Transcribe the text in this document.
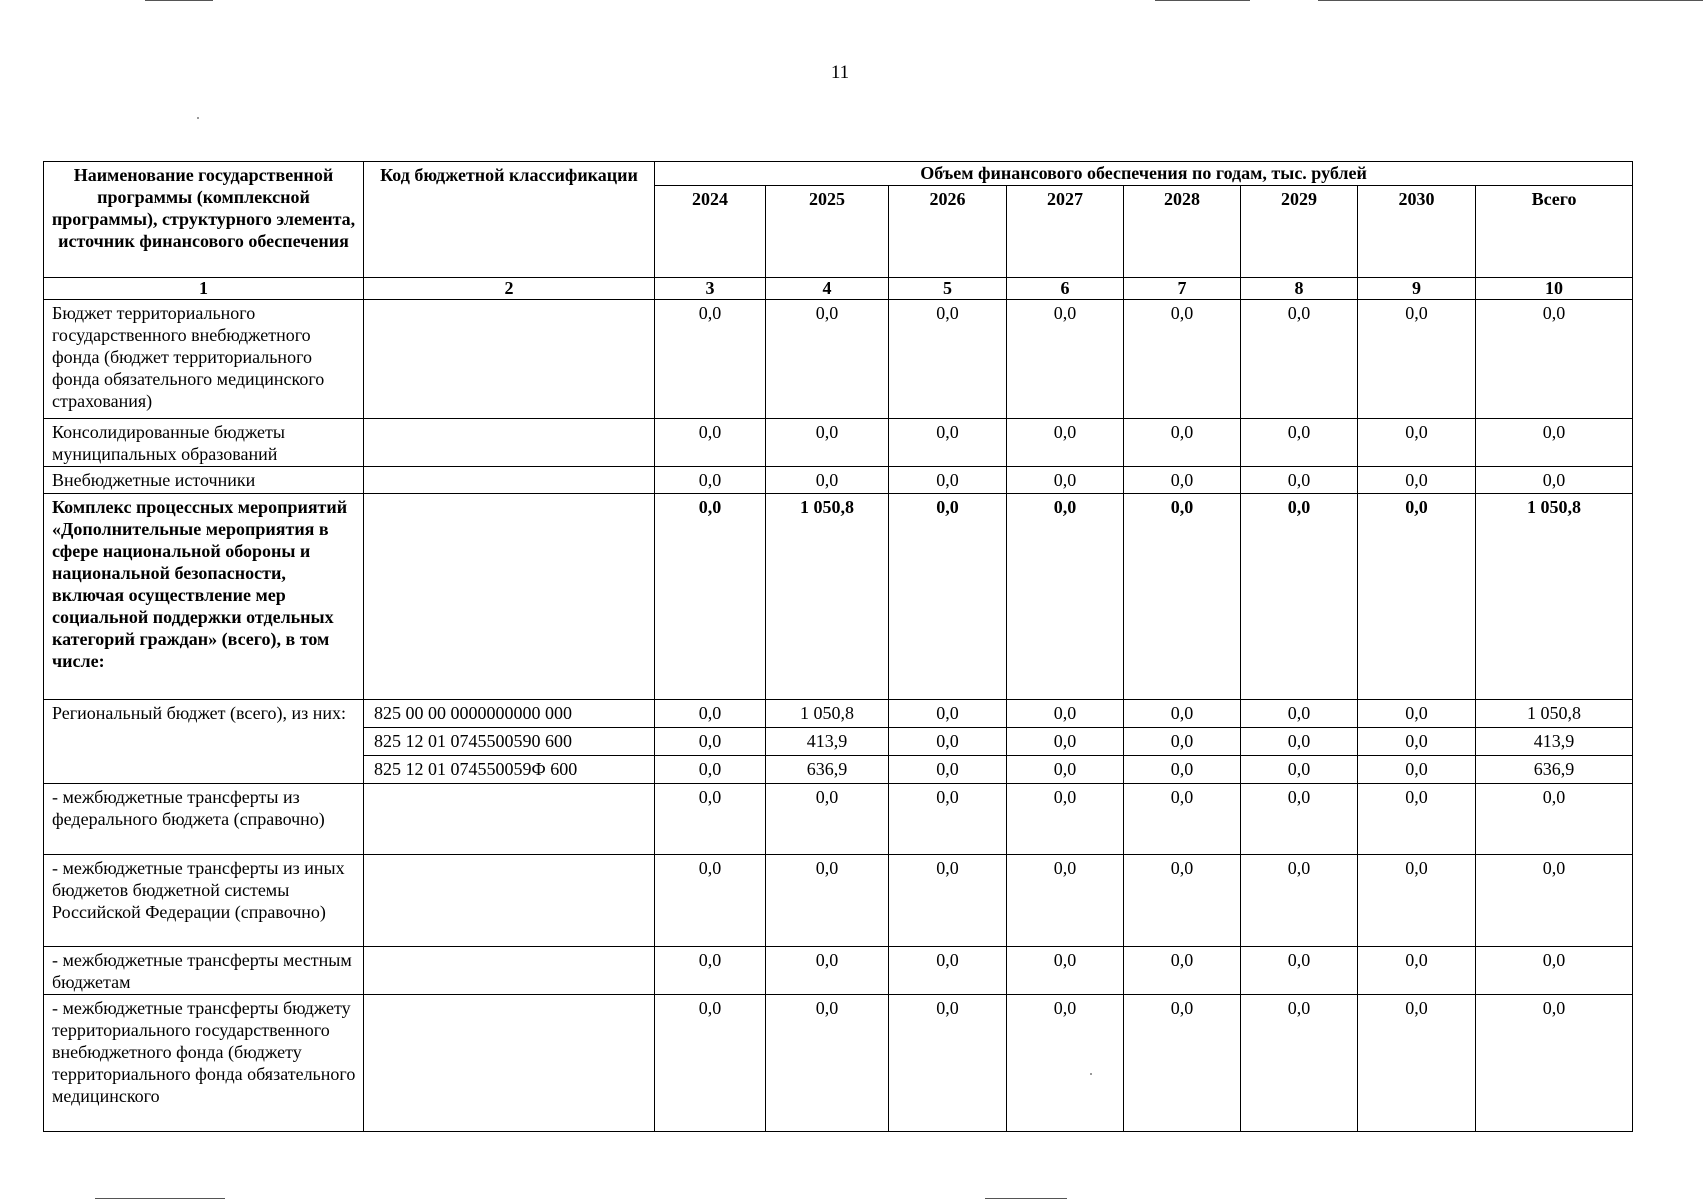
11
Наименование государственной программы (комплексной программы), структурного элемента, источник финансового обеспечения	Код бюджетной классификации	Объем финансового обеспечения по годам, тыс. рублей							
		2024	2025	2026	2027	2028	2029	2030	Всего
1	2	3	4	5	6	7	8	9	10
Бюджет территориального государственного внебюджетного фонда (бюджет территориального фонда обязательного медицинского страхования)		0,0	0,0	0,0	0,0	0,0	0,0	0,0	0,0
Консолидированные бюджеты муниципальных образований		0,0	0,0	0,0	0,0	0,0	0,0	0,0	0,0
Внебюджетные источники		0,0	0,0	0,0	0,0	0,0	0,0	0,0	0,0
Комплекс процессных мероприятий «Дополнительные мероприятия в сфере национальной обороны и национальной безопасности, включая осуществление мер социальной поддержки отдельных категорий граждан» (всего), в том числе:		0,0	1 050,8	0,0	0,0	0,0	0,0	0,0	1 050,8
Региональный бюджет (всего), из них:	825 00 00 0000000000 000	0,0	1 050,8	0,0	0,0	0,0	0,0	0,0	1 050,8
	825 12 01 0745500590 600	0,0	413,9	0,0	0,0	0,0	0,0	0,0	413,9
	825 12 01 074550059Ф 600	0,0	636,9	0,0	0,0	0,0	0,0	0,0	636,9
- межбюджетные трансферты из федерального бюджета (справочно)		0,0	0,0	0,0	0,0	0,0	0,0	0,0	0,0
- межбюджетные трансферты из иных бюджетов бюджетной системы Российской Федерации (справочно)		0,0	0,0	0,0	0,0	0,0	0,0	0,0	0,0
- межбюджетные трансферты местным бюджетам		0,0	0,0	0,0	0,0	0,0	0,0	0,0	0,0
- межбюджетные трансферты бюджету территориального государственного внебюджетного фонда (бюджету территориального фонда обязательного медицинского		0,0	0,0	0,0	0,0	0,0	0,0	0,0	0,0
